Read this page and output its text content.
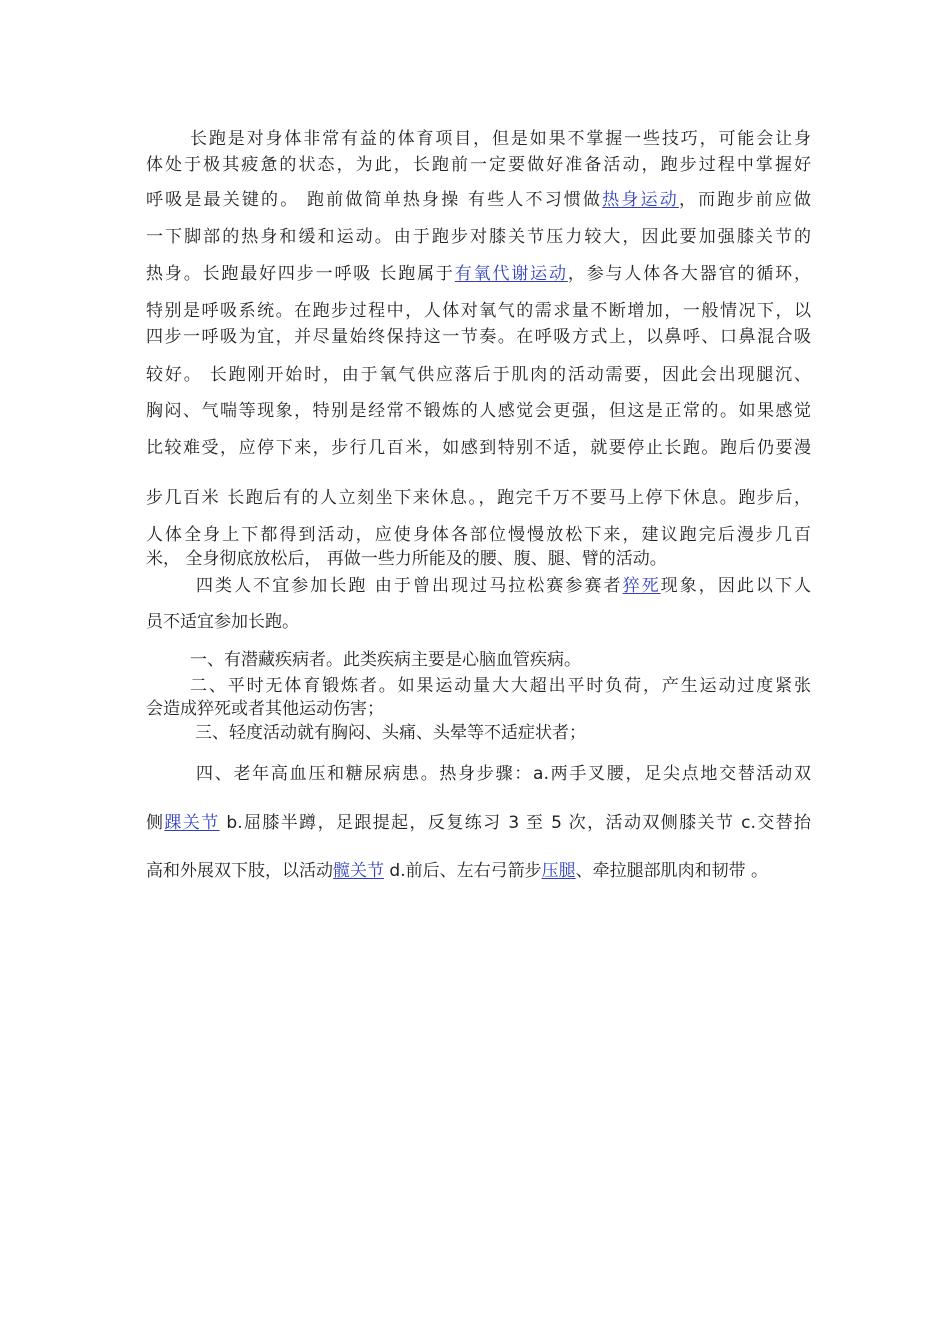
长跑是对身体非常有益的体育项目，但是如果不掌握一些技巧，可能会让身
体处于极其疲惫的状态，为此，长跑前一定要做好准备活动，跑步过程中掌握好
呼吸是最关键的。 跑前做简单热身操 有些人不习惯做热身运动，而跑步前应做
一下脚部的热身和缓和运动。由于跑步对膝关节压力较大，因此要加强膝关节的
热身。长跑最好四步一呼吸 长跑属于有氧代谢运动，参与人体各大器官的循环，
特别是呼吸系统。在跑步过程中，人体对氧气的需求量不断增加，一般情况下，以
四步一呼吸为宜，并尽量始终保持这一节奏。在呼吸方式上，以鼻呼、口鼻混合吸
较好。 长跑刚开始时，由于氧气供应落后于肌肉的活动需要，因此会出现腿沉、
胸闷、气喘等现象，特别是经常不锻炼的人感觉会更强，但这是正常的。如果感觉
比较难受，应停下来，步行几百米，如感到特别不适，就要停止长跑。跑后仍要漫
步几百米 长跑后有的人立刻坐下来休息。，跑完千万不要马上停下休息。跑步后，
人体全身上下都得到活动，应使身体各部位慢慢放松下来，建议跑完后漫步几百
米， 全身彻底放松后， 再做一些力所能及的腰、腹、腿、臂的活动。
四类人不宜参加长跑 由于曾出现过马拉松赛参赛者猝死现象，因此以下人
员不适宜参加长跑。
一、有潜藏疾病者。此类疾病主要是心脑血管疾病。
二、平时无体育锻炼者。如果运动量大大超出平时负荷，产生运动过度紧张
会造成猝死或者其他运动伤害；
三、轻度活动就有胸闷、头痛、头晕等不适症状者；
四、老年高血压和糖尿病患。热身步骤：a.两手叉腰，足尖点地交替活动双
侧踝关节 b.屈膝半蹲，足跟提起，反复练习 3 至 5 次，活动双侧膝关节 c.交替抬
高和外展双下肢，以活动髋关节 d.前后、左右弓箭步压腿、牵拉腿部肌肉和韧带 。
